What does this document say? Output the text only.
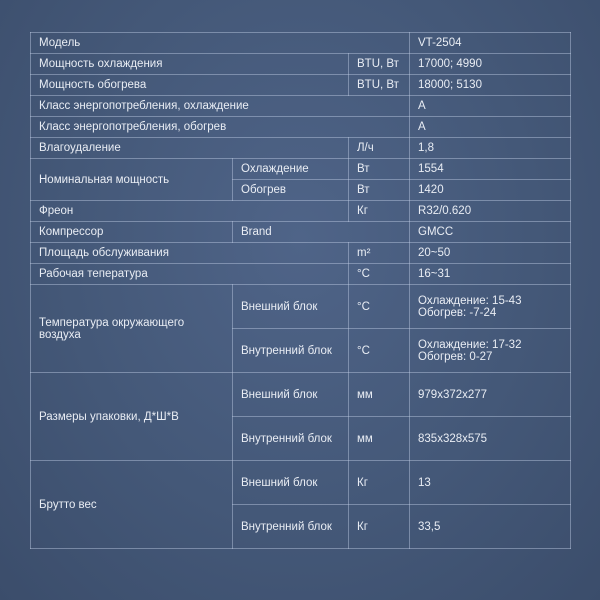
Модель			VT-2504
Мощность охлаждения		BTU, Вт	17000; 4990
Мощность обогрева		BTU, Вт	18000; 5130
Класс энергопотребления, охлаждение			A
Класс энергопотребления, обогрев			A
Влагоудаление		Л/ч	1,8
Номинальная мощность	Охлаждение	Вт	1554
	Обогрев	Вт	1420
Фреон		Кг	R32/0.620
Компрессор	Brand		GMCC
Площадь обслуживания		m²	20~50
Рабочая тепература		°C	16~31
Температура окружающего воздуха	Внешний блок	°C	Охлаждение: 15-43
Обогрев: -7-24

	Внутренний блок	°C	Охлаждение: 17-32
Обогрев: 0-27

Размеры упаковки, Д*Ш*В	Внешний блок	мм	979x372x277
	Внутренний блок	мм	835x328x575
Брутто вес	Внешний блок	Кг	13
	Внутренний блок	Кг	33,5
